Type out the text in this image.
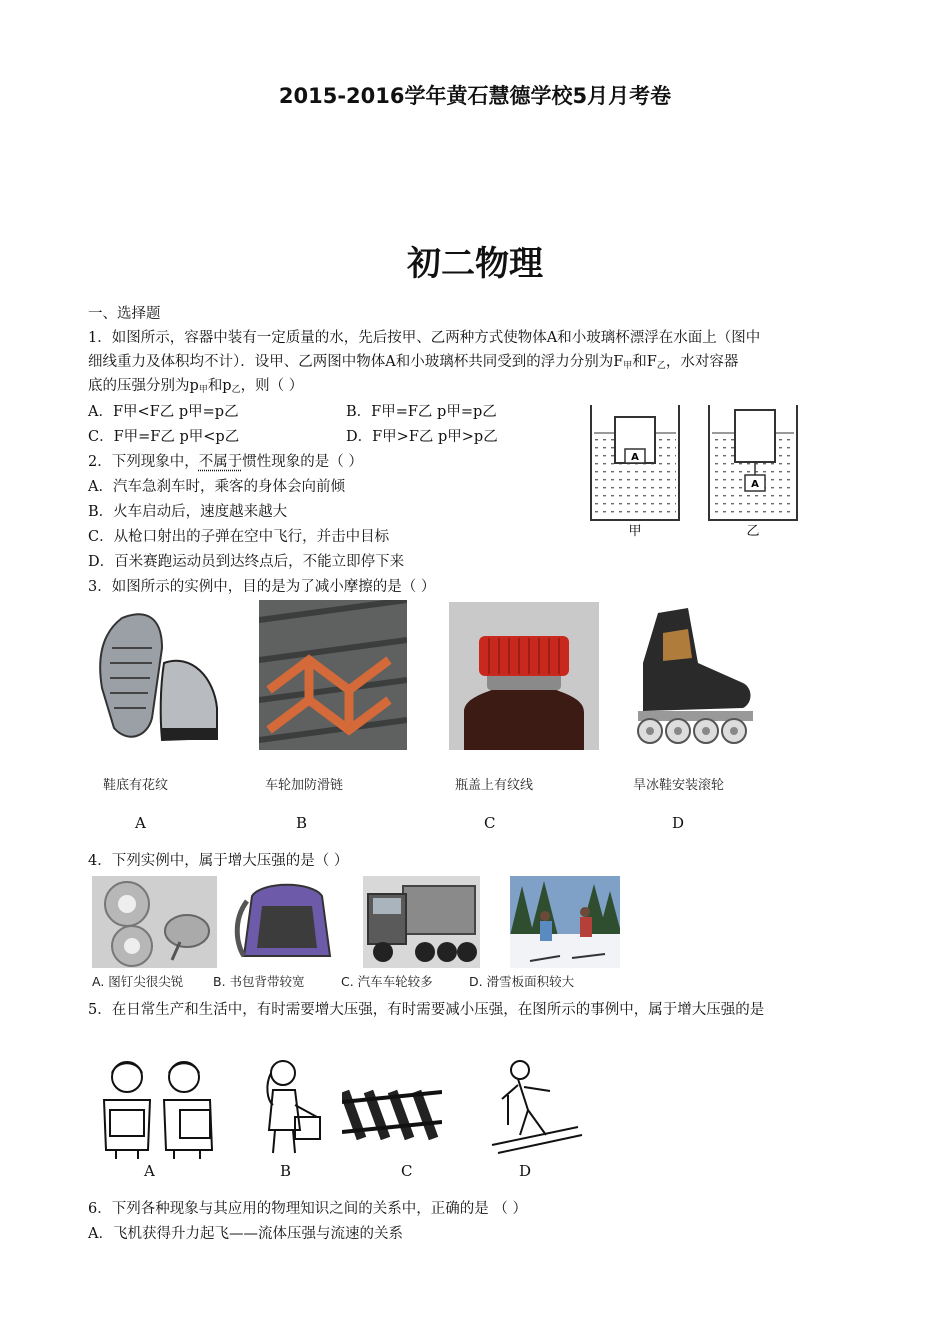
2015-2016学年黄石慧德学校5月月考卷
初二物理
一、选择题
1．如图所示，容器中装有一定质量的水，先后按甲、乙两种方式使物体A和小玻璃杯漂浮在水面上（图中
细线重力及体积均不计）．设甲、乙两图中物体A和小玻璃杯共同受到的浮力分别为$F_甲$和$F_乙$，水对容器
底的压强分别为$p_甲$和$p_乙$，则（ ）
A．F甲<F乙 p甲=p乙	B．F甲=F乙 p甲=p乙
C．F甲=F乙 p甲<p乙	D．F甲>F乙 p甲>p乙
A
A
甲	乙
2．下列现象中，不属于惯性现象的是（ ）
A．汽车急刹车时，乘客的身体会向前倾
B．火车启动后，速度越来越大
C．从枪口射出的子弹在空中飞行，并击中目标
D．百米赛跑运动员到达终点后，不能立即停下来
3．如图所示的实例中，目的是为了减小摩擦的是（ ）
鞋底有花纹	车轮加防滑链	瓶盖上有纹线	旱冰鞋安装滚轮
A	B	C	D
4．下列实例中，属于增大压强的是（ ）
A. 图钉尖很尖锐 B. 书包背带较宽	C. 汽车车轮较多	D. 滑雪板面积较大
5．在日常生产和生活中，有时需要增大压强，有时需要减小压强，在图所示的事例中，属于增大压强的是
A	B	C	D
6．下列各种现象与其应用的物理知识之间的关系中，正确的是 （ ）
A．飞机获得升力起飞——流体压强与流速的关系
